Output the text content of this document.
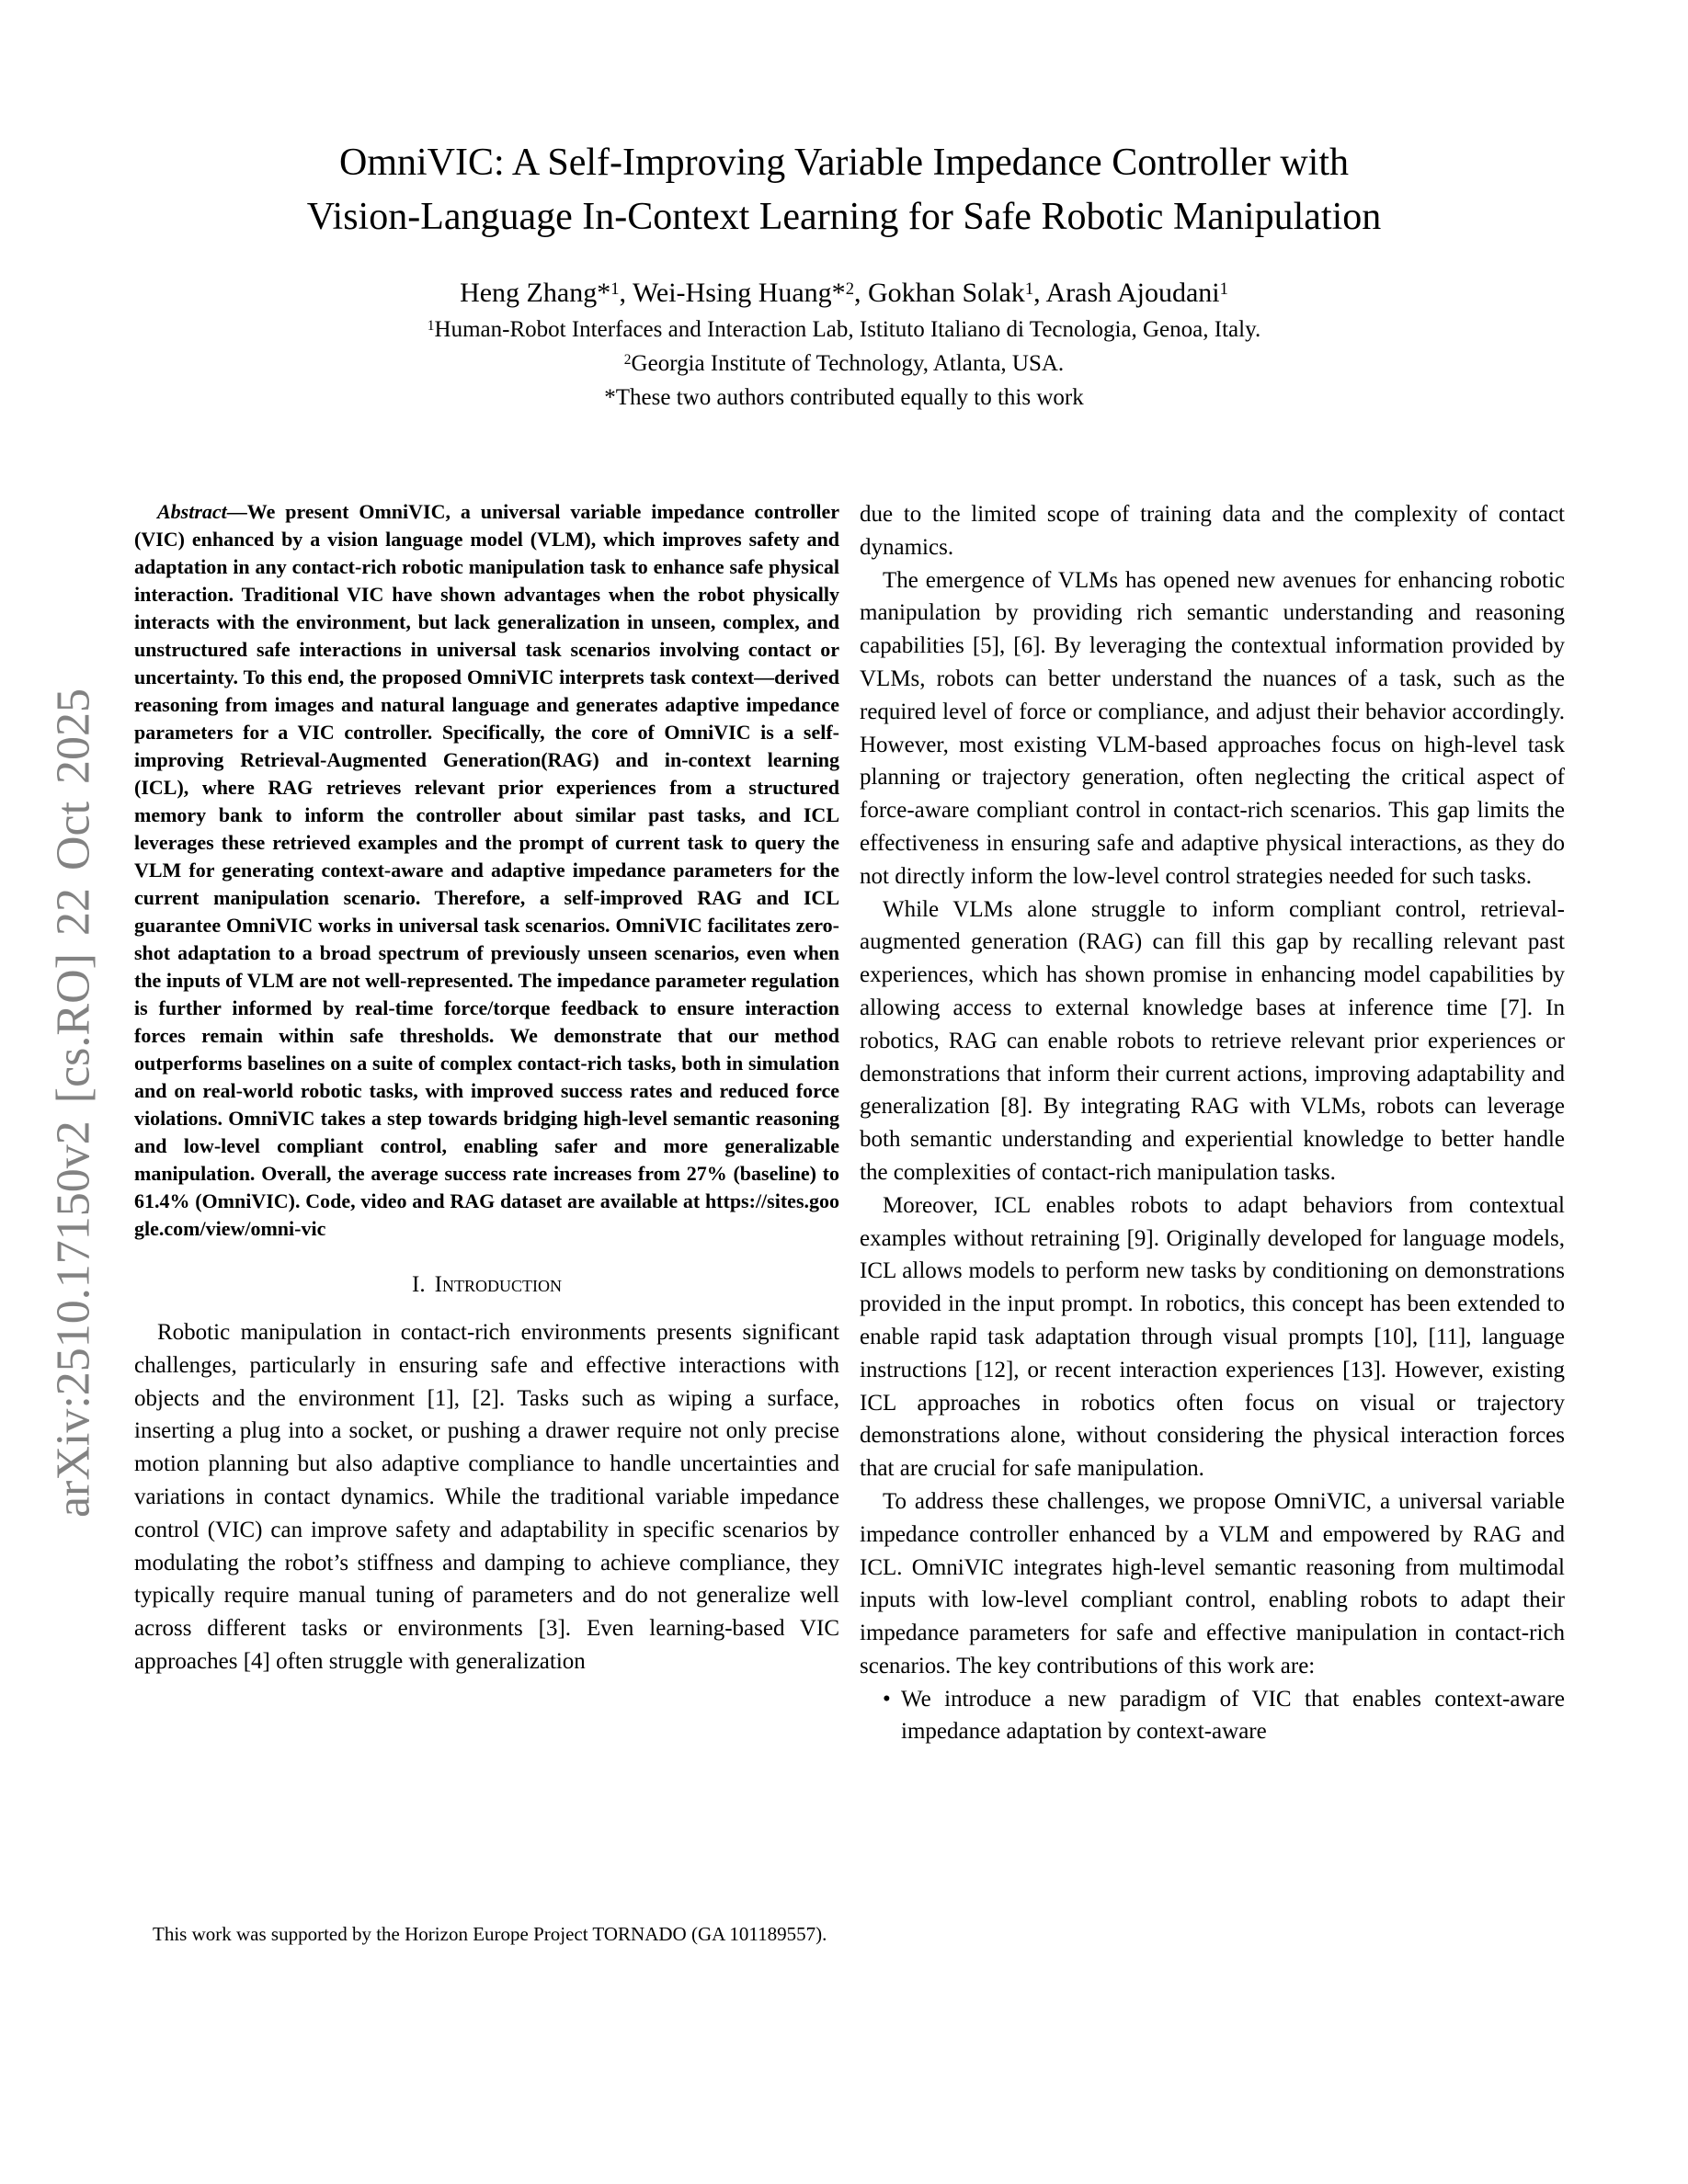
arXiv:2510.17150v2 [cs.RO] 22 Oct 2025
OmniVIC: A Self-Improving Variable Impedance Controller with
Vision-Language In-Context Learning for Safe Robotic Manipulation
Heng Zhang*$^1$, Wei-Hsing Huang*$^2$, Gokhan Solak$^1$, Arash Ajoudani$^1$
$^1$Human-Robot Interfaces and Interaction Lab, Istituto Italiano di Tecnologia, Genoa, Italy.
$^2$Georgia Institute of Technology, Atlanta, USA.
*These two authors contributed equally to this work

Abstract—We present OmniVIC, a universal variable impedance controller (VIC) enhanced by a vision language model (VLM), which improves safety and adaptation in any contact-rich robotic manipulation task to enhance safe physical interaction. Traditional VIC have shown advantages when the robot physically interacts with the environment, but lack generalization in unseen, complex, and unstructured safe interactions in universal task scenarios involving contact or uncertainty. To this end, the proposed OmniVIC interprets task context—derived reasoning from images and natural language and generates adaptive impedance parameters for a VIC controller. Specifically, the core of OmniVIC is a self-improving Retrieval-Augmented Generation(RAG) and in-context learning (ICL), where RAG retrieves relevant prior experiences from a structured memory bank to inform the controller about similar past tasks, and ICL leverages these retrieved examples and the prompt of current task to query the VLM for generating context-aware and adaptive impedance parameters for the current manipulation scenario. Therefore, a self-improved RAG and ICL guarantee OmniVIC works in universal task scenarios. OmniVIC facilitates zero-shot adaptation to a broad spectrum of previously unseen scenarios, even when the inputs of VLM are not well-represented. The impedance parameter regulation is further informed by real-time force/torque feedback to ensure interaction forces remain within safe thresholds. We demonstrate that our method outperforms baselines on a suite of complex contact-rich tasks, both in simulation and on real-world robotic tasks, with improved success rates and reduced force violations. OmniVIC takes a step towards bridging high-level semantic reasoning and low-level compliant control, enabling safer and more generalizable manipulation. Overall, the average success rate increases from 27% (baseline) to 61.4% (OmniVIC). Code, video and RAG dataset are available at https://sites.google.com/view/omni-vic

I. Introduction

Robotic manipulation in contact-rich environments presents significant challenges, particularly in ensuring safe and effective interactions with objects and the environment [1], [2]. Tasks such as wiping a surface, inserting a plug into a socket, or pushing a drawer require not only precise motion planning but also adaptive compliance to handle uncertainties and variations in contact dynamics. While the traditional variable impedance control (VIC) can improve safety and adaptability in specific scenarios by modulating the robot’s stiffness and damping to achieve compliance, they typically require manual tuning of parameters and do not generalize well across different tasks or environments [3]. Even learning-based VIC approaches [4] often struggle with generalization

due to the limited scope of training data and the complexity of contact dynamics.

The emergence of VLMs has opened new avenues for enhancing robotic manipulation by providing rich semantic understanding and reasoning capabilities [5], [6]. By leveraging the contextual information provided by VLMs, robots can better understand the nuances of a task, such as the required level of force or compliance, and adjust their behavior accordingly. However, most existing VLM-based approaches focus on high-level task planning or trajectory generation, often neglecting the critical aspect of force-aware compliant control in contact-rich scenarios. This gap limits the effectiveness in ensuring safe and adaptive physical interactions, as they do not directly inform the low-level control strategies needed for such tasks.

While VLMs alone struggle to inform compliant control, retrieval-augmented generation (RAG) can fill this gap by recalling relevant past experiences, which has shown promise in enhancing model capabilities by allowing access to external knowledge bases at inference time [7]. In robotics, RAG can enable robots to retrieve relevant prior experiences or demonstrations that inform their current actions, improving adaptability and generalization [8]. By integrating RAG with VLMs, robots can leverage both semantic understanding and experiential knowledge to better handle the complexities of contact-rich manipulation tasks.

Moreover, ICL enables robots to adapt behaviors from contextual examples without retraining [9]. Originally developed for language models, ICL allows models to perform new tasks by conditioning on demonstrations provided in the input prompt. In robotics, this concept has been extended to enable rapid task adaptation through visual prompts [10], [11], language instructions [12], or recent interaction experiences [13]. However, existing ICL approaches in robotics often focus on visual or trajectory demonstrations alone, without considering the physical interaction forces that are crucial for safe manipulation.

To address these challenges, we propose OmniVIC, a universal variable impedance controller enhanced by a VLM and empowered by RAG and ICL. OmniVIC integrates high-level semantic reasoning from multimodal inputs with low-level compliant control, enabling robots to adapt their impedance parameters for safe and effective manipulation in contact-rich scenarios. The key contributions of this work are:

• We introduce a new paradigm of VIC that enables context-aware impedance adaptation by context-aware

This work was supported by the Horizon Europe Project TORNADO (GA 101189557).
